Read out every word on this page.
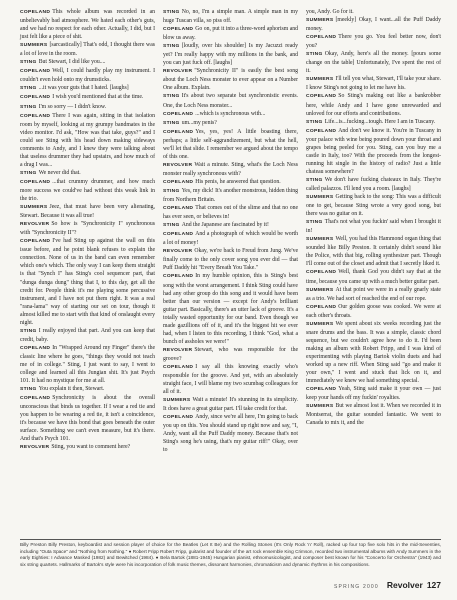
COPELAND This whole album was recorded in an unbelievably bad atmosphere. We hated each other's guts, and we had no respect for each other. Actually, I did, but I just felt like a piece of shit.

SUMMERS [sarcastically] That's odd, I thought there was a lot of love in the room.

STING But Stewart, I did like you....

COPELAND Well, I could hardly play my instrument. I couldn't even hold onto my drumsticks.

STING ...it was your guts that I hated. [laughs]

COPELAND I wish you'd mentioned that at the time.

STING I'm so sorry — I didn't know.

COPELAND There I was again, sitting in that isolation room by myself, looking at my grumpy bandmates in the video monitor. I'd ask, "How was that take, guys?" and I could see Sting with his head down making sideways comments to Andy, and I knew they were talking about that useless drummer they had upstairs, and how much of a drag I was...

STING We never did that.

COPELAND ...that crummy drummer, and how much more success we could've had without this weak link in the trio.

SUMMERS Jeez, that must have been very alienating, Stewart. Because it was all true!

REVOLVER So how is "Synchronicity I" synchronous with "Synchronicity II"?

COPELAND I've had Sting up against the wall on this issue before, and he point blank refuses to explain the connection. None of us in the band can even remember which one's which. The only way I can keep them straight is that "Synch I" has Sting's cool sequencer part, that "dunga dunga dung" thing that I, to this day, get all the credit for. People think it's me playing some percussive instrument, and I have not put them right. It was a real "rana-lama" way of starting our set on tour, though it almost killed me to start with that kind of onslaught every night.

STING I really enjoyed that part. And you can keep that credit, baby.

COPELAND In "Wrapped Around my Finger" there's the classic line where he goes, "things they would not teach me of in college." Sting, I just want to say, I went to college and learned all this Jungian shit. It's just Psych 101. It had no mystique for me at all.

STING You explain it then, Stewart.

COPELAND Synchronicity is about the overall unconscious that binds us together. If I wear a red tie and you happen to be wearing a red tie, it isn't a coincidence, it's because we have this bond that goes beneath the outer surface. Something we can't even measure, but it's there. And that's Psych 101.

REVOLVER Sting, you want to comment here?

STING No, no, I'm a simple man. A simple man in my huge Tuscan villa, so piss off.

COPELAND Go on, put it into a three-word aphorism and blow us away.

STING [loudly, over his shoulder] Is my Jacuzzi ready yet? I'm really happy with my millions in the bank, and you can just fuck off. [laughs]

REVOLVER "Synchronicity II" is easily the best song about the Loch Ness monster to ever appear on a Number One album. Explain.

STING It's about two separate but synchronistic events. One, the Loch Ness monster...

COPELAND ...which is synchronous with...

STING um...my penis?

COPELAND Yes, yes, yes! A little boasting there, perhaps; a little self-aggrandizement, but what the hell, we'll let that slide. I remember we argued about the tempo of this one.

REVOLVER Wait a minute. Sting, what's the Loch Ness monster really synchronous with?

COPELAND His penis, he answered that question.

STING Yes, my dick! It's another monstrous, hidden thing from Northern Britain.

COPELAND That comes out of the slime and that no one has ever seen, or believes in!

STING And the Japanese are fascinated by it!

COPELAND And a photograph of which would be worth a lot of money!

REVOLVER Okay, we're back to Freud from Jung. We've finally come to the only cover song you ever did — that Puff Daddy hit "Every Breath You Take."

COPELAND In my humble opinion, this is Sting's best song with the worst arrangement. I think Sting could have had any other group do this song and it would have been better than our version — except for Andy's brilliant guitar part. Basically, there's an utter lack of groove. It's a totally wasted opportunity for our band. Even though we made gazillions off of it, and it's the biggest hit we ever had, when I listen to this recording, I think "God, what a bunch of assholes we were!"

REVOLVER Stewart, who was responsible for the groove?

COPELAND I say all this knowing exactly who's responsible for the groove. And yet, with an absolutely straight face, I will blame my two scumbag colleagues for all of it.

SUMMERS Wait a minute! It's stunning in its simplicity. It does have a great guitar part. I'll take credit for that.

COPELAND Andy, since we're all here, I'm going to back you up on this. You should stand up right now and say, "I, Andy, want all the Puff Daddy money. Because that's not Sting's song he's using, that's my guitar riff!" Okay, over to

you, Andy. Go for it.

SUMMERS [meekly] Okay, I want...all the Puff Daddy money.

COPELAND There you go. You feel better now, don't you?

STING Okay, Andy, here's all the money. [pours some change on the table] Unfortunately, I've spent the rest of it.

SUMMERS I'll tell you what, Stewart, I'll take your share. I know Sting's not going to let me have his.

COPELAND So Sting's making out like a bankrobber here, while Andy and I have gone unrewarded and unloved for our efforts and contributions.

STING Life...is...fucking...tough. Here I am in Tuscany.

COPELAND And don't we know it. You're in Tuscany in your palace with wine being poured down your throat and grapes being peeled for you. Sting, can you buy me a castle in Italy, too? With the proceeds from the longest-running hit single in the history of radio? Just a little chateau somewhere?

STING We don't have fucking chateaux in Italy. They're called palazzos. I'll lend you a room. [laughs]

SUMMERS Getting back to the song: This was a difficult one to get, because Sting wrote a very good song, but there was no guitar on it.

STING That's not what you fuckin' said when I brought it in!

SUMMERS Well, you had this Hammond organ thing that sounded like Billy Preston. It certainly didn't sound like the Police, with that big, rolling synthesizer part. Though I'll come out of the closet and admit that I secretly liked it.

COPELAND Well, thank God you didn't say that at the time, because you came up with a much better guitar part.

SUMMERS At that point we were in a really gnarly state as a trio. We had sort of reached the end of our rope.

COPELAND Our golden goose was cooked. We were at each other's throats.

SUMMERS We spent about six weeks recording just the snare drums and the bass. It was a simple, classic chord sequence, but we couldn't agree how to do it. I'd been making an album with Robert Fripp, and I was kind of experimenting with playing Bartok violin duets and had worked up a new riff. When Sting said "go and make it your own," I went and stuck that lick on it, and immediately we knew we had something special.

COPELAND Yeah, Sting said make it your own — just keep your hands off my fuckin' royalties.

SUMMERS But we almost lost it. When we recorded it in Montserrat, the guitar sounded fantastic. We went to Canada to mix it, and the

Billy Preston Billy Preston, keyboardist and session player of choice for the Beatles (Let It Be) and the Rolling Stones (It's Only Rock 'n' Roll), racked up four top five solo hits in the mid-Seventies, including "Outa Space" and "Nothing from Nothing." ● Robert Fripp Robert Fripp, guitarist and founder of the art rock ensemble King Crimson, recorded two instrumental albums with Andy Summers in the early Eighties: I Advance Masked (1982) and Bewitched (1984). ● Bela Bartok (1881-1945) Hungarian pianist, ethnomusicologist, and composer best known for his "Concerto for Orchestra" (1943) and six string quartets. Hallmarks of Bartok's style were his incorporation of folk music themes, dissonant harmonies, chromaticism and dynamic rhythms in his compositions.
SPRING 2000 Revolver 127
